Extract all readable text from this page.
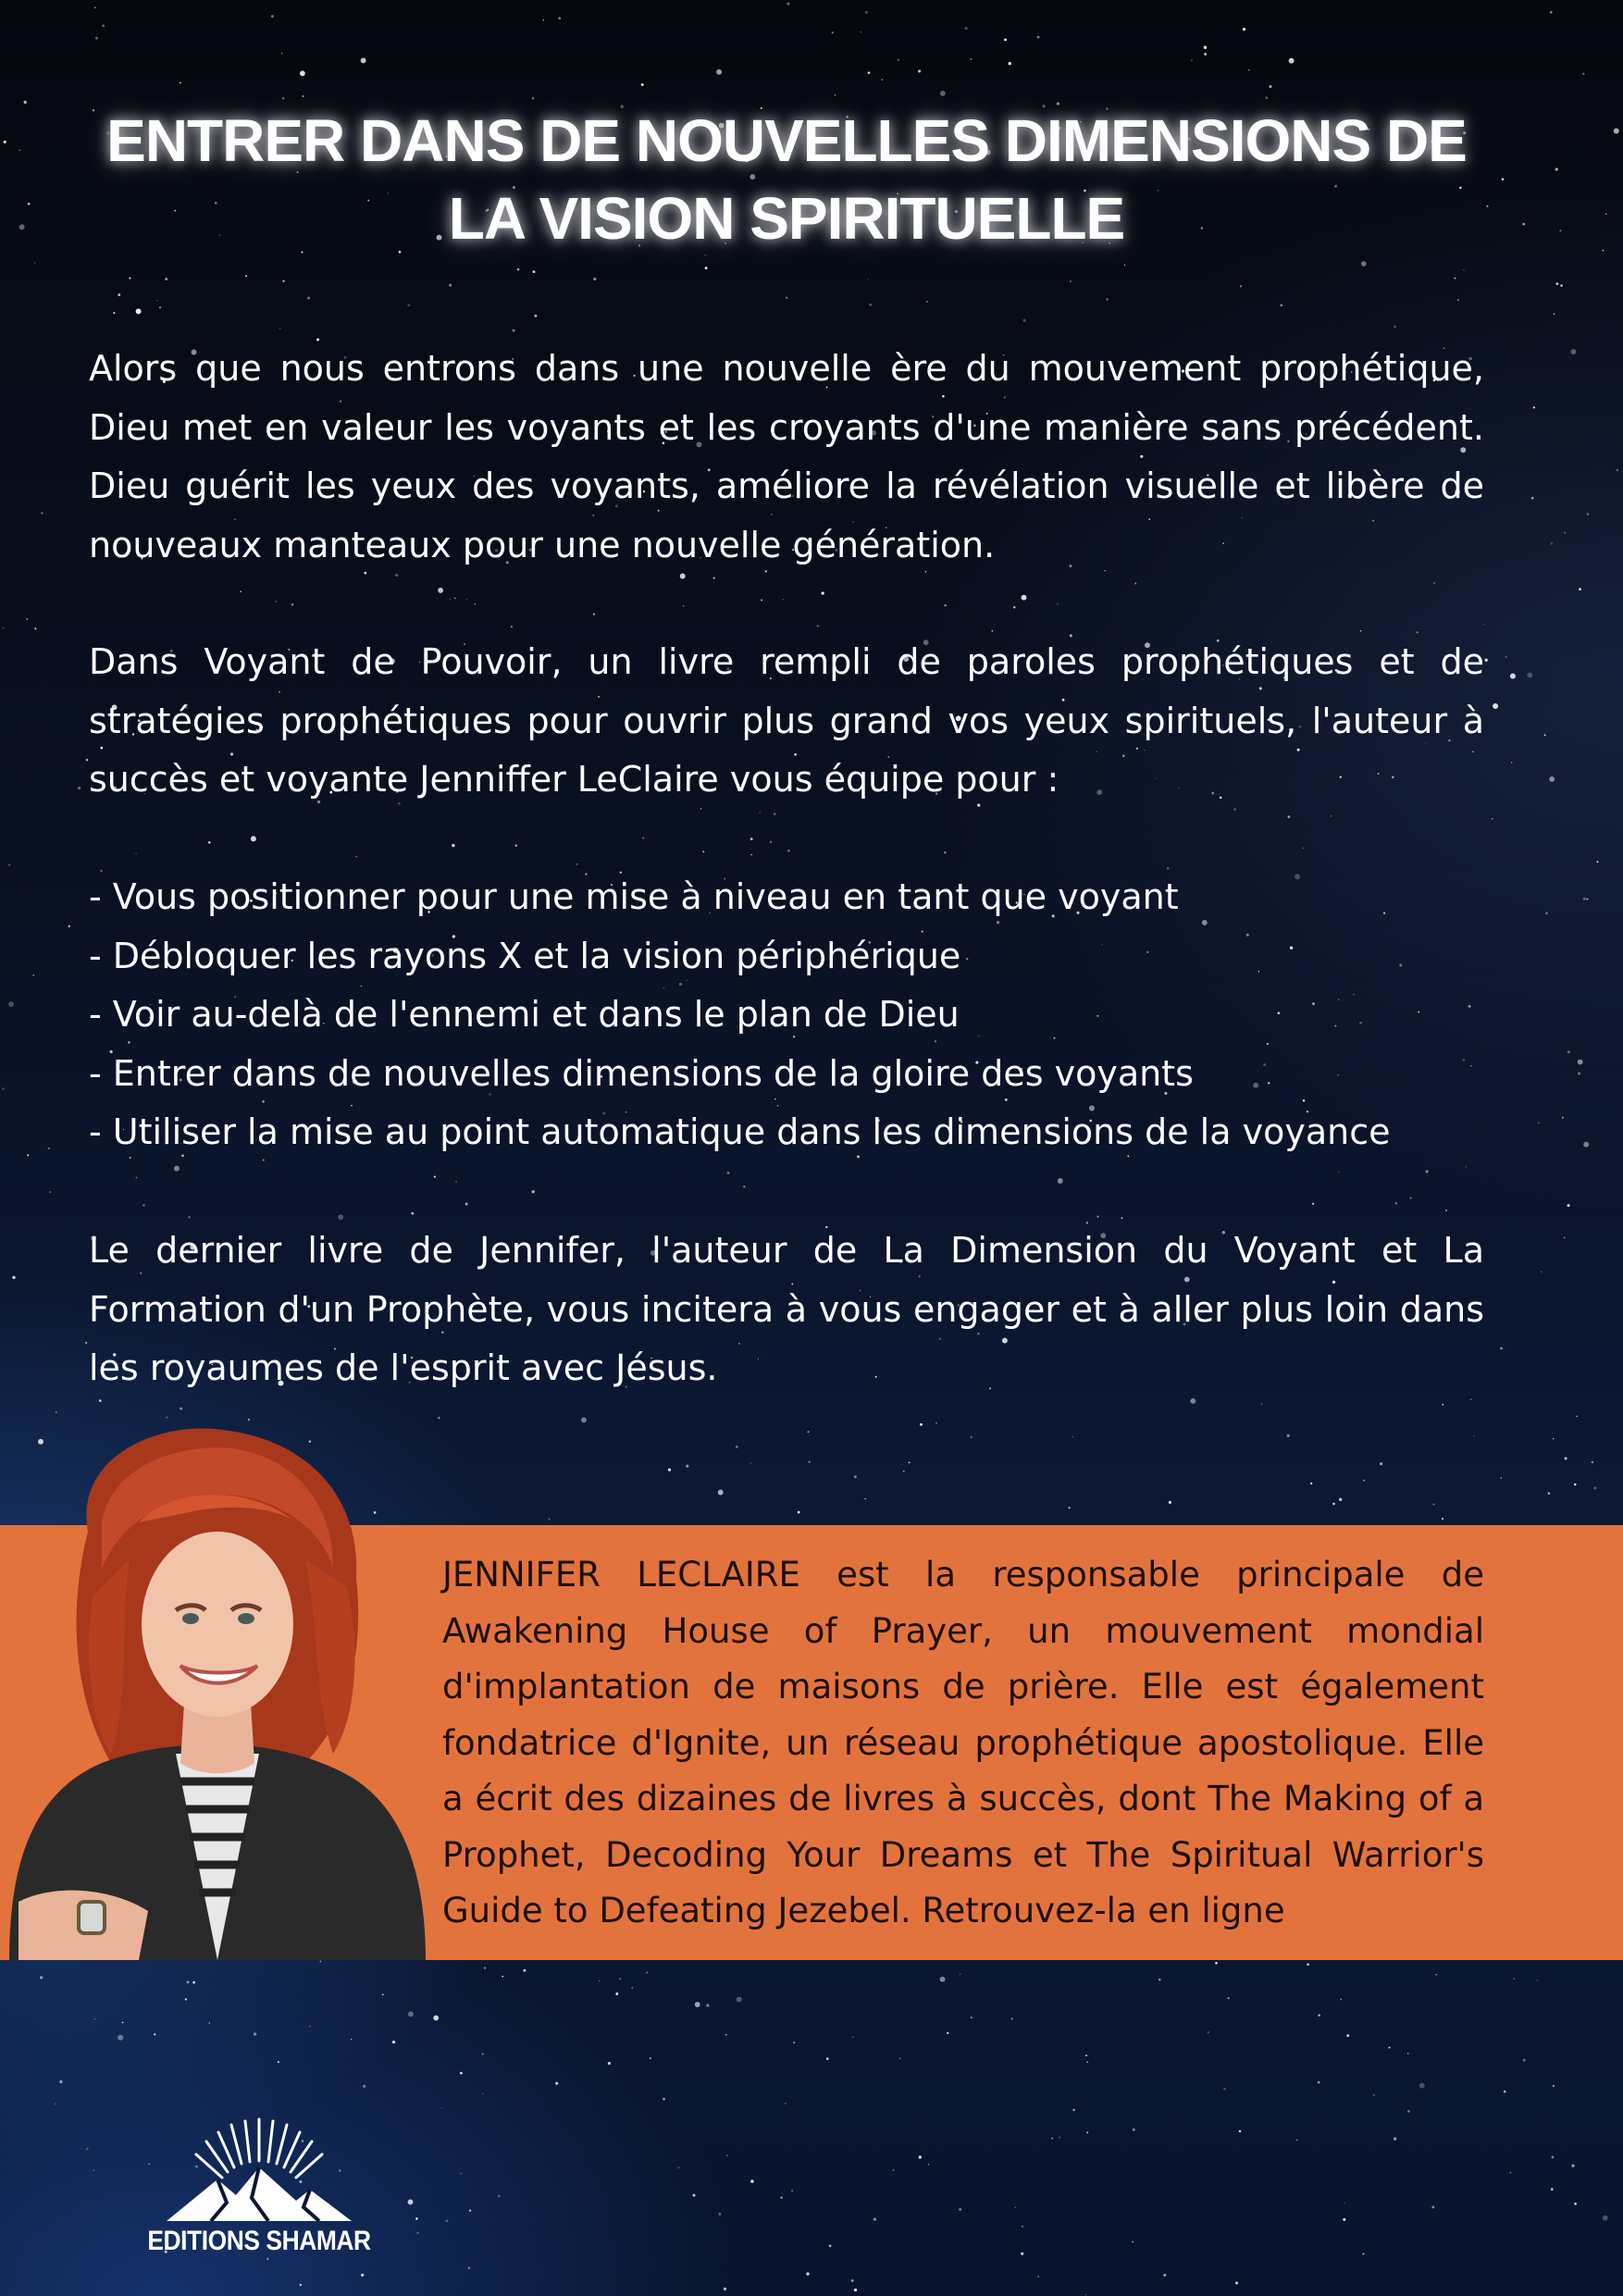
ENTRER DANS DE NOUVELLES DIMENSIONS DE
LA VISION SPIRITUELLE

Alors que nous entrons dans une nouvelle ère du mouvement prophétique, Dieu met en valeur les voyants et les croyants d'une manière sans précédent. Dieu guérit les yeux des voyants, améliore la révélation visuelle et libère de nouveaux manteaux pour une nouvelle génération.

Dans Voyant de Pouvoir, un livre rempli de paroles prophétiques et de stratégies prophétiques pour ouvrir plus grand vos yeux spirituels, l'auteur à succès et voyante Jenniffer LeClaire vous équipe pour :

- Vous positionner pour une mise à niveau en tant que voyant
- Débloquer les rayons X et la vision périphérique
- Voir au-delà de l'ennemi et dans le plan de Dieu
- Entrer dans de nouvelles dimensions de la gloire des voyants
- Utiliser la mise au point automatique dans les dimensions de la voyance

Le dernier livre de Jennifer, l'auteur de La Dimension du Voyant et La Formation d'un Prophète, vous incitera à vous engager et à aller plus loin dans les royaumes de l'esprit avec Jésus.

JENNIFER LECLAIRE est la responsable principale de Awakening House of Prayer, un mouvement mondial d'implantation de maisons de prière. Elle est également fondatrice d'Ignite, un réseau prophétique apostolique. Elle a écrit des dizaines de livres à succès, dont The Making of a Prophet, Decoding Your Dreams et The Spiritual Warrior's Guide to Defeating Jezebel. Retrouvez-la en ligne

EDITIONS SHAMAR
